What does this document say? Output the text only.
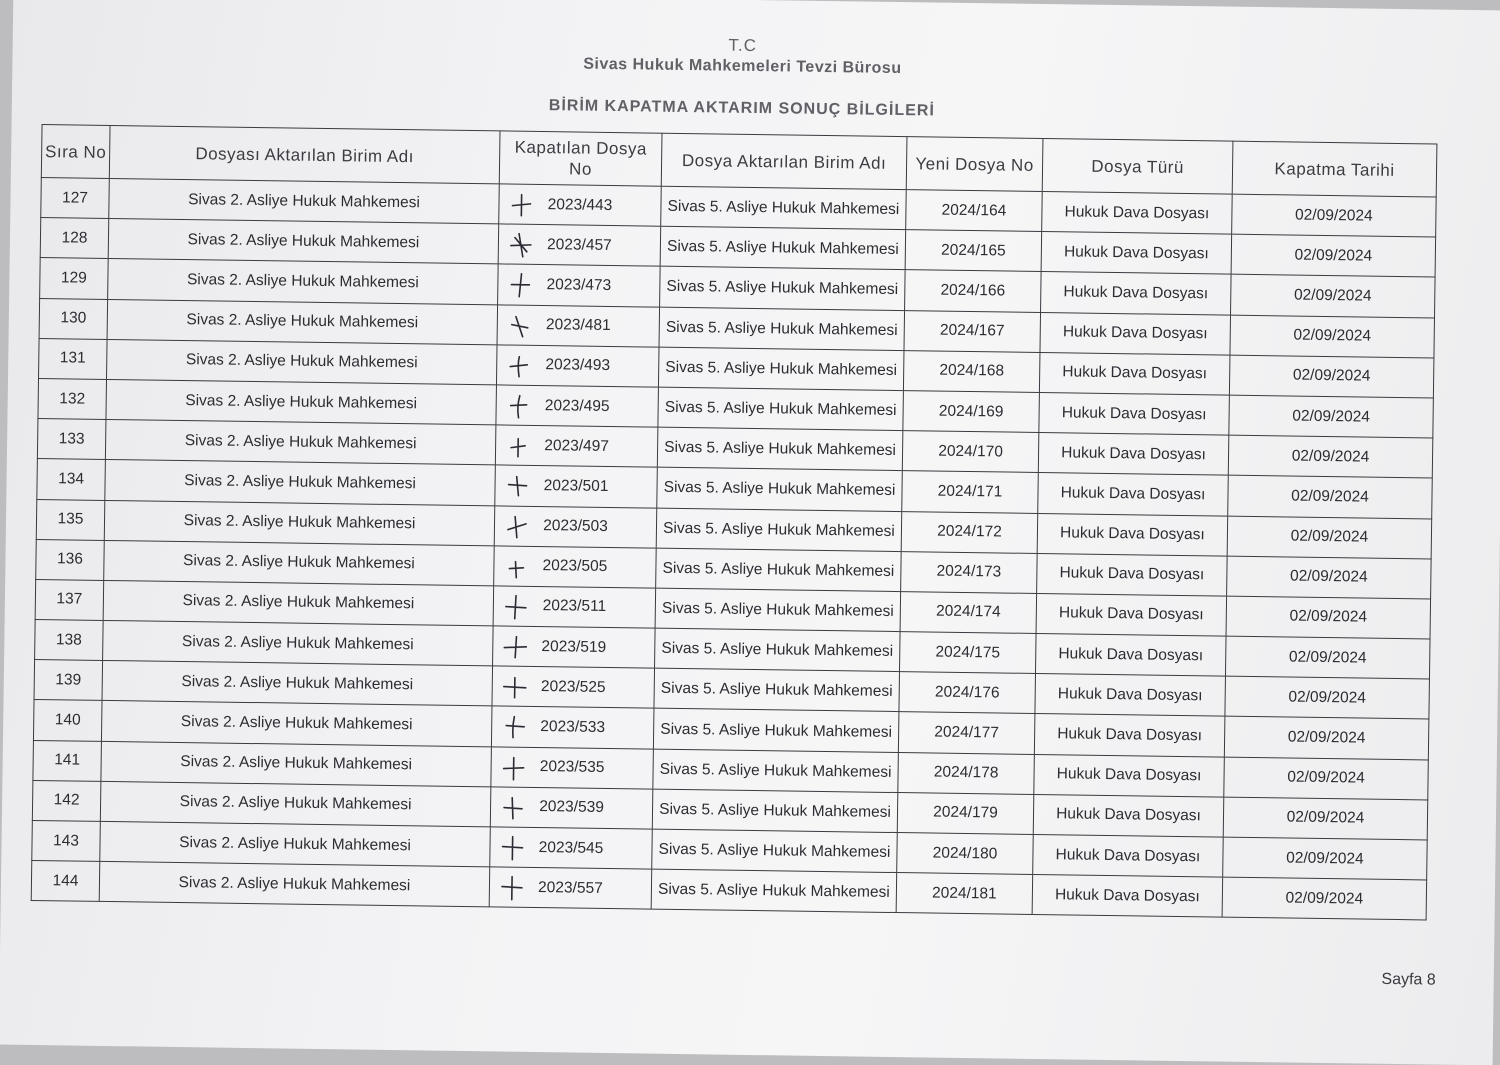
T.C
Sivas Hukuk Mahkemeleri Tevzi Bürosu
BİRİM KAPATMA AKTARIM SONUÇ BİLGİLERİ
Sıra No	Dosyası Aktarılan Birim Adı	Kapatılan Dosya No	Dosya Aktarılan Birim Adı	Yeni Dosya No	Dosya Türü	Kapatma Tarihi
127	Sivas 2. Asliye Hukuk Mahkemesi	2023/443	Sivas 5. Asliye Hukuk Mahkemesi	2024/164	Hukuk Dava Dosyası	02/09/2024
128	Sivas 2. Asliye Hukuk Mahkemesi	2023/457	Sivas 5. Asliye Hukuk Mahkemesi	2024/165	Hukuk Dava Dosyası	02/09/2024
129	Sivas 2. Asliye Hukuk Mahkemesi	2023/473	Sivas 5. Asliye Hukuk Mahkemesi	2024/166	Hukuk Dava Dosyası	02/09/2024
130	Sivas 2. Asliye Hukuk Mahkemesi	2023/481	Sivas 5. Asliye Hukuk Mahkemesi	2024/167	Hukuk Dava Dosyası	02/09/2024
131	Sivas 2. Asliye Hukuk Mahkemesi	2023/493	Sivas 5. Asliye Hukuk Mahkemesi	2024/168	Hukuk Dava Dosyası	02/09/2024
132	Sivas 2. Asliye Hukuk Mahkemesi	2023/495	Sivas 5. Asliye Hukuk Mahkemesi	2024/169	Hukuk Dava Dosyası	02/09/2024
133	Sivas 2. Asliye Hukuk Mahkemesi	2023/497	Sivas 5. Asliye Hukuk Mahkemesi	2024/170	Hukuk Dava Dosyası	02/09/2024
134	Sivas 2. Asliye Hukuk Mahkemesi	2023/501	Sivas 5. Asliye Hukuk Mahkemesi	2024/171	Hukuk Dava Dosyası	02/09/2024
135	Sivas 2. Asliye Hukuk Mahkemesi	2023/503	Sivas 5. Asliye Hukuk Mahkemesi	2024/172	Hukuk Dava Dosyası	02/09/2024
136	Sivas 2. Asliye Hukuk Mahkemesi	2023/505	Sivas 5. Asliye Hukuk Mahkemesi	2024/173	Hukuk Dava Dosyası	02/09/2024
137	Sivas 2. Asliye Hukuk Mahkemesi	2023/511	Sivas 5. Asliye Hukuk Mahkemesi	2024/174	Hukuk Dava Dosyası	02/09/2024
138	Sivas 2. Asliye Hukuk Mahkemesi	2023/519	Sivas 5. Asliye Hukuk Mahkemesi	2024/175	Hukuk Dava Dosyası	02/09/2024
139	Sivas 2. Asliye Hukuk Mahkemesi	2023/525	Sivas 5. Asliye Hukuk Mahkemesi	2024/176	Hukuk Dava Dosyası	02/09/2024
140	Sivas 2. Asliye Hukuk Mahkemesi	2023/533	Sivas 5. Asliye Hukuk Mahkemesi	2024/177	Hukuk Dava Dosyası	02/09/2024
141	Sivas 2. Asliye Hukuk Mahkemesi	2023/535	Sivas 5. Asliye Hukuk Mahkemesi	2024/178	Hukuk Dava Dosyası	02/09/2024
142	Sivas 2. Asliye Hukuk Mahkemesi	2023/539	Sivas 5. Asliye Hukuk Mahkemesi	2024/179	Hukuk Dava Dosyası	02/09/2024
143	Sivas 2. Asliye Hukuk Mahkemesi	2023/545	Sivas 5. Asliye Hukuk Mahkemesi	2024/180	Hukuk Dava Dosyası	02/09/2024
144	Sivas 2. Asliye Hukuk Mahkemesi	2023/557	Sivas 5. Asliye Hukuk Mahkemesi	2024/181	Hukuk Dava Dosyası	02/09/2024
Sayfa 8
